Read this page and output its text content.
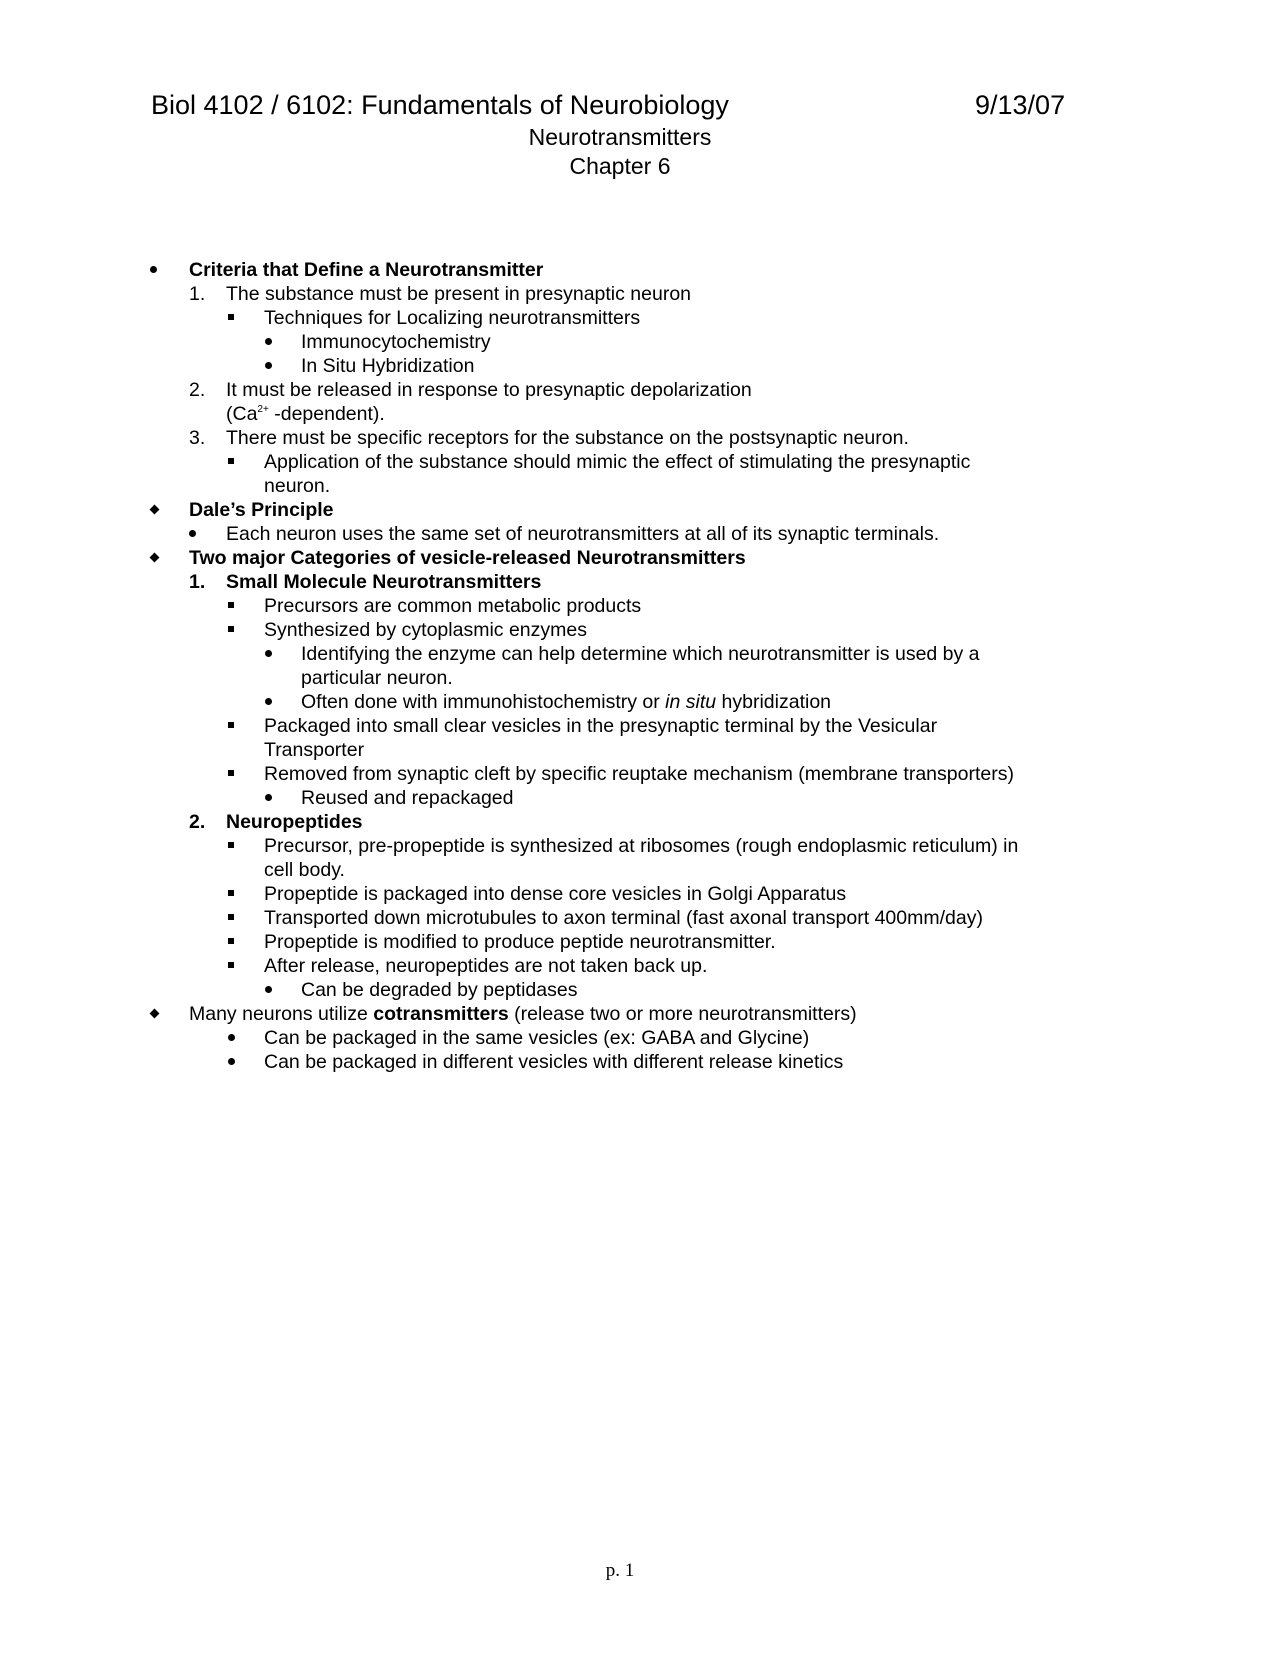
Biol 4102 / 6102: Fundamentals of Neurobiology	9/13/07
Neurotransmitters
Chapter 6
Criteria that Define a Neurotransmitter
1. The substance must be present in presynaptic neuron
Techniques for Localizing neurotransmitters
Immunocytochemistry
In Situ Hybridization
2. It must be released in response to presynaptic depolarization
($Ca^{2+}$ -dependent).
3. There must be specific receptors for the substance on the postsynaptic neuron.
Application of the substance should mimic the effect of stimulating the presynaptic
neuron.
Dale’s Principle
Each neuron uses the same set of neurotransmitters at all of its synaptic terminals.
Two major Categories of vesicle-released Neurotransmitters
1. Small Molecule Neurotransmitters
Precursors are common metabolic products
Synthesized by cytoplasmic enzymes
Identifying the enzyme can help determine which neurotransmitter is used by a
particular neuron.
Often done with immunohistochemistry or in situ hybridization
Packaged into small clear vesicles in the presynaptic terminal by the Vesicular
Transporter
Removed from synaptic cleft by specific reuptake mechanism (membrane transporters)
Reused and repackaged
2. Neuropeptides
Precursor, pre-propeptide is synthesized at ribosomes (rough endoplasmic reticulum) in
cell body.
Propeptide is packaged into dense core vesicles in Golgi Apparatus
Transported down microtubules to axon terminal (fast axonal transport 400mm/day)
Propeptide is modified to produce peptide neurotransmitter.
After release, neuropeptides are not taken back up.
Can be degraded by peptidases
Many neurons utilize cotransmitters (release two or more neurotransmitters)
Can be packaged in the same vesicles (ex: GABA and Glycine)
Can be packaged in different vesicles with different release kinetics
p. 1
